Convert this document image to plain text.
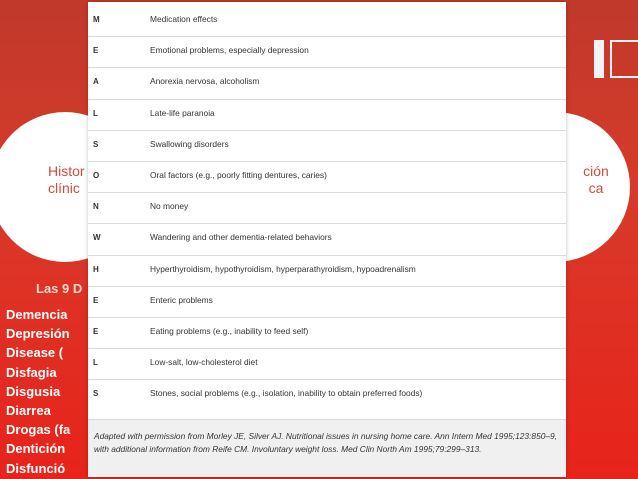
Histor
clínic
ción
ca
Las 9 D
Demencia
Depresión
Disease (
Disfagia
Disgusia
Diarrea
Drogas (fa
Dentición
Disfunció
M	Medication effects
E	Emotional problems, especially depression
A	Anorexia nervosa, alcoholism
L	Late-life paranoia
S	Swallowing disorders
O	Oral factors (e.g., poorly fitting dentures, caries)
N	No money
W	Wandering and other dementia-related behaviors
H	Hyperthyroidism, hypothyroidism, hyperparathyroidism, hypoadrenalism
E	Enteric problems
E	Eating problems (e.g., inability to feed self)
L	Low-salt, low-cholesterol diet
S	Stones, social problems (e.g., isolation, inability to obtain preferred foods)

Adapted with permission from Morley JE, Silver AJ. Nutritional issues in nursing home care. Ann Intern Med 1995;123:850–9, with additional information from Reife CM. Involuntary weight loss. Med Clin North Am 1995;79:299–313.
